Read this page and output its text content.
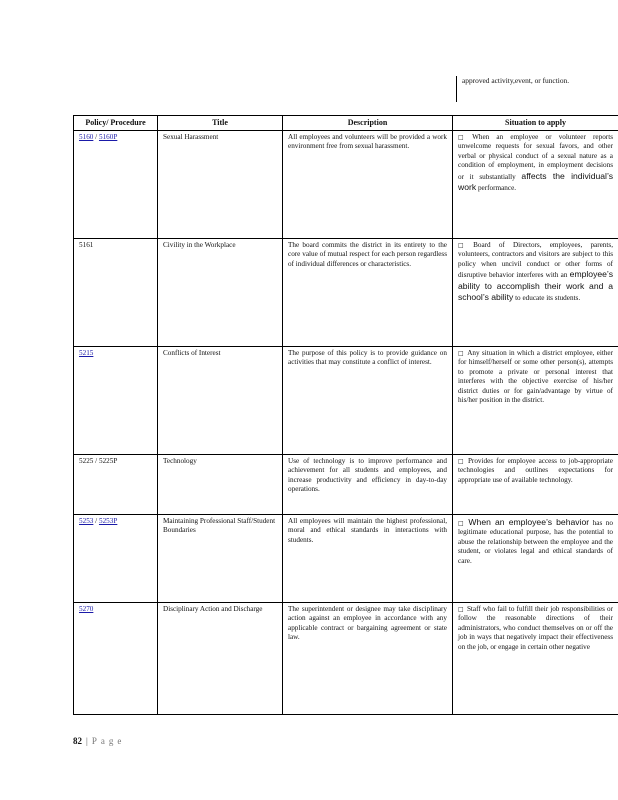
approved activity,event, or function.
Policy/ Procedure	Title	Description	Situation to apply
5160 / 5160P	Sexual Harassment	All employees and volunteers will be provided a work environment free from sexual harassment.	□ When an employee or volunteer reports unwelcome requests for sexual favors, and other verbal or physical conduct of a sexual nature as a condition of employment, in employment decisions or it substantially affects the individual’s work performance.
5161	Civility in the Workplace	The board commits the district in its entirety to the core value of mutual respect for each person regardless of individual differences or characteristics.	□ Board of Directors, employees, parents, volunteers, contractors and visitors are subject to this policy when uncivil conduct or other forms of disruptive behavior interferes with an employee’s ability to accomplish their work and a school’s ability to educate its students.
5215	Conflicts of Interest	The purpose of this policy is to provide guidance on activities that may constitute a conflict of interest.	□ Any situation in which a district employee, either for himself/herself or some other person(s), attempts to promote a private or personal interest that interferes with the objective exercise of his/her district duties or for gain/advantage by virtue of his/her position in the district.
5225 / 5225P	Technology	Use of technology is to improve performance and achievement for all students and employees, and increase productivity and efficiency in day-to-day operations.	□ Provides for employee access to job-appropriate technologies and outlines expectations for appropriate use of available technology.
5253 / 5253P	Maintaining Professional Staff/Student Boundaries	All employees will maintain the highest professional, moral and ethical standards in interactions with students.	□ When an employee’s behavior has no legitimate educational purpose, has the potential to abuse the relationship between the employee and the student, or violates legal and ethical standards of care.
5270	Disciplinary Action and Discharge	The superintendent or designee may take disciplinary action against an employee in accordance with any applicable contract or bargaining agreement or state law.	□ Staff who fail to fulfill their job responsibilities or follow the reasonable directions of their administrators, who conduct themselves on or off the job in ways that negatively impact their effectiveness on the job, or engage in certain other negative
82 | Page
